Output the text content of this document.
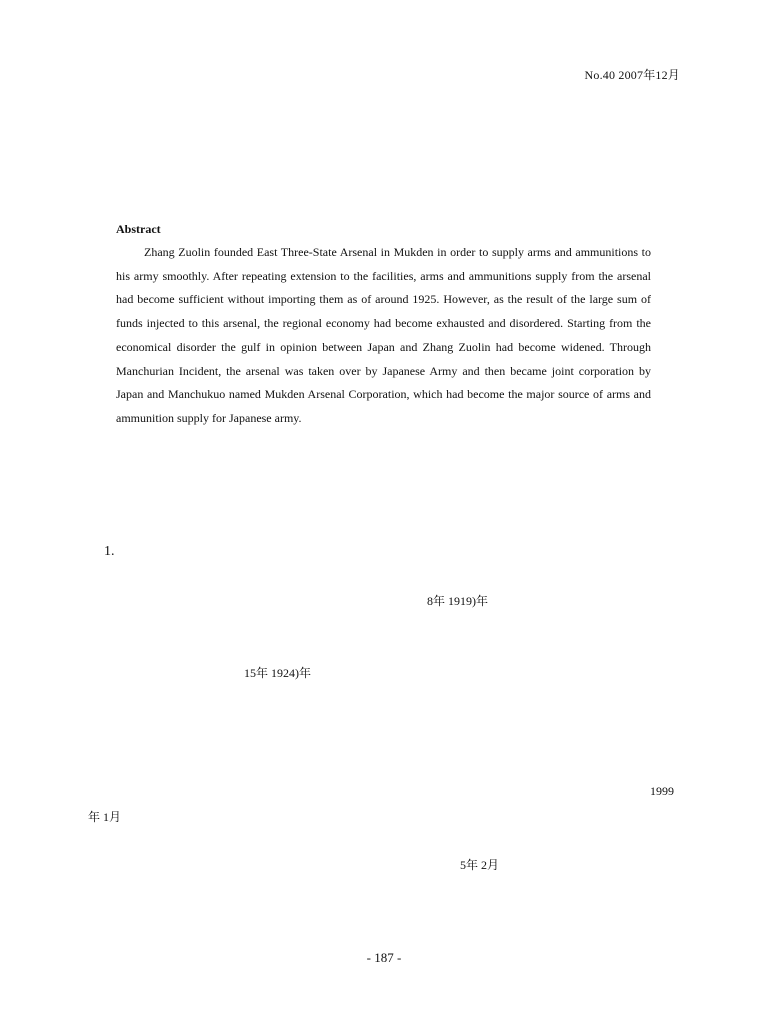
No.40 2007年12月
Abstract

Zhang Zuolin founded East Three-State Arsenal in Mukden in order to supply arms and ammunitions to his army smoothly. After repeating extension to the facilities, arms and ammunitions supply from the arsenal had become sufficient without importing them as of around 1925. However, as the result of the large sum of funds injected to this arsenal, the regional economy had become exhausted and disordered. Starting from the economical disorder the gulf in opinion between Japan and Zhang Zuolin had become widened. Through Manchurian Incident, the arsenal was taken over by Japanese Army and then became joint corporation by Japan and Manchukuo named Mukden Arsenal Corporation, which had become the major source of arms and ammunition supply for Japanese army.

1.
8年 1919)年
15年 1924)年
1999
年 1月
5年 2月
- 187 -
